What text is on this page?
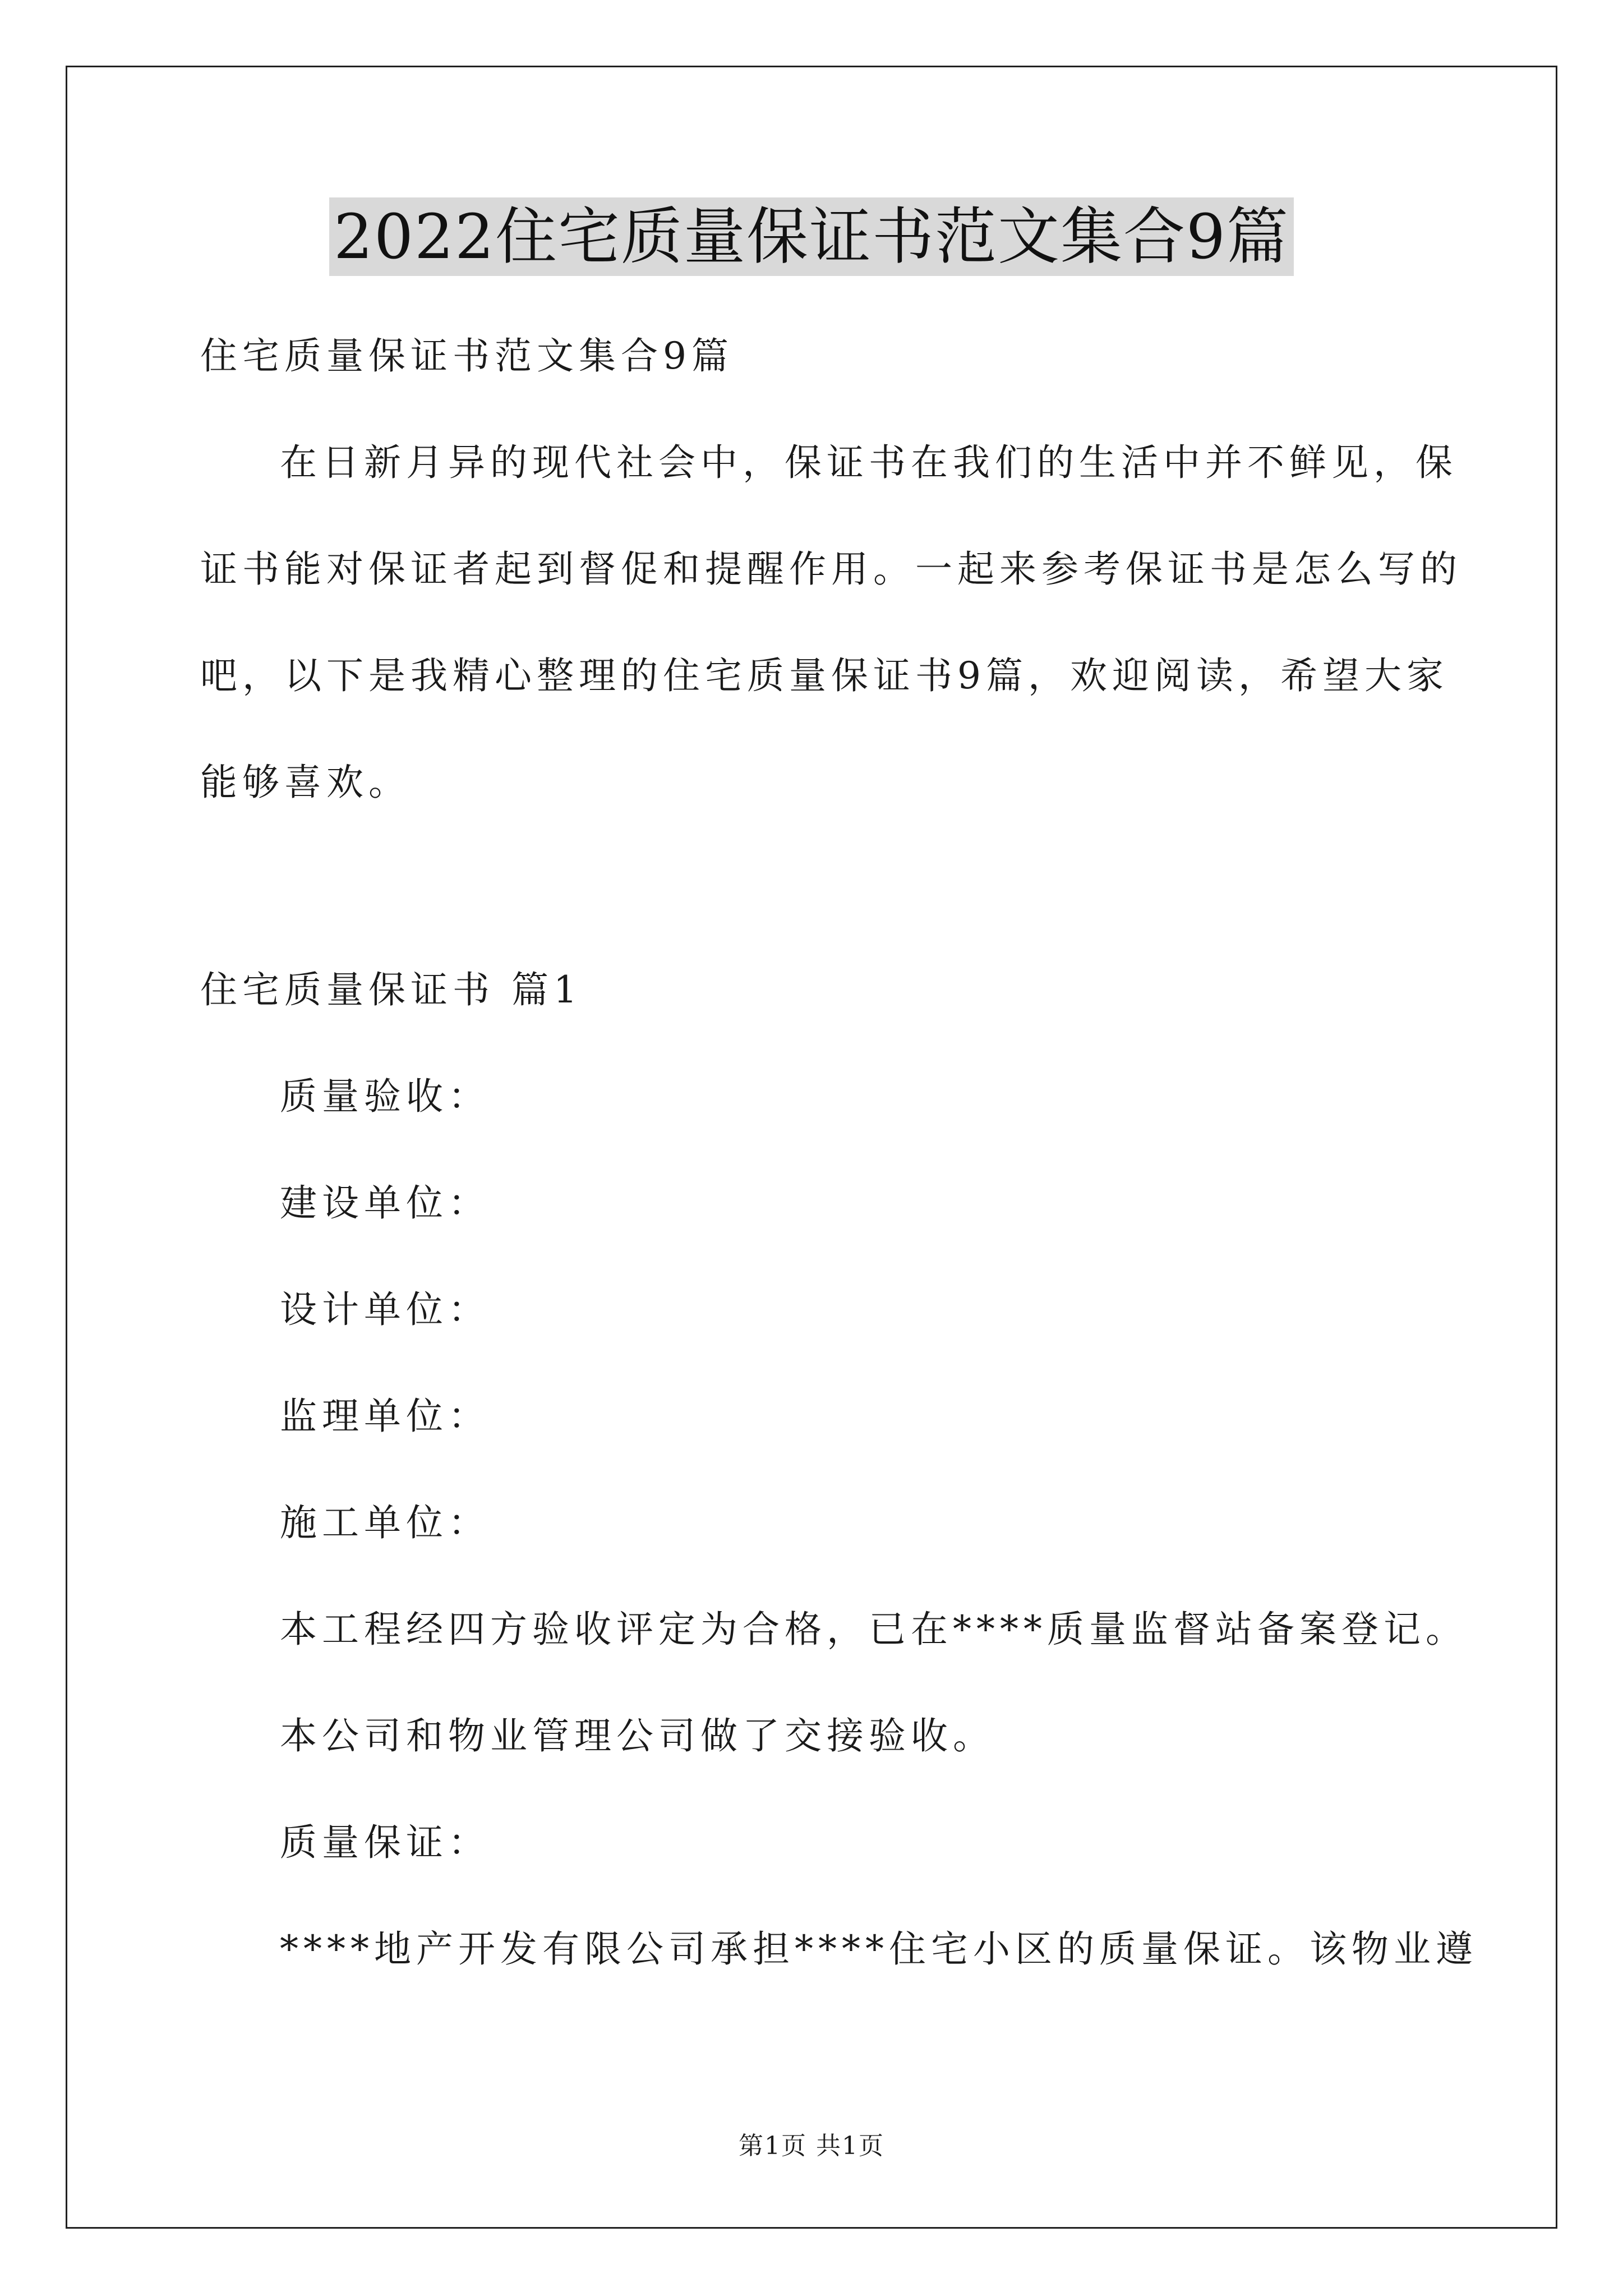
2022住宅质量保证书范文集合9篇

住宅质量保证书范文集合9篇

在日新月异的现代社会中，保证书在我们的生活中并不鲜见，保

证书能对保证者起到督促和提醒作用。一起来参考保证书是怎么写的

吧，以下是我精心整理的住宅质量保证书9篇，欢迎阅读，希望大家

能够喜欢。

住宅质量保证书 篇1

质量验收：

建设单位：

设计单位：

监理单位：

施工单位：

本工程经四方验收评定为合格，已在****质量监督站备案登记。

本公司和物业管理公司做了交接验收。

质量保证：

****地产开发有限公司承担****住宅小区的质量保证。该物业遵

第1页 共1页
